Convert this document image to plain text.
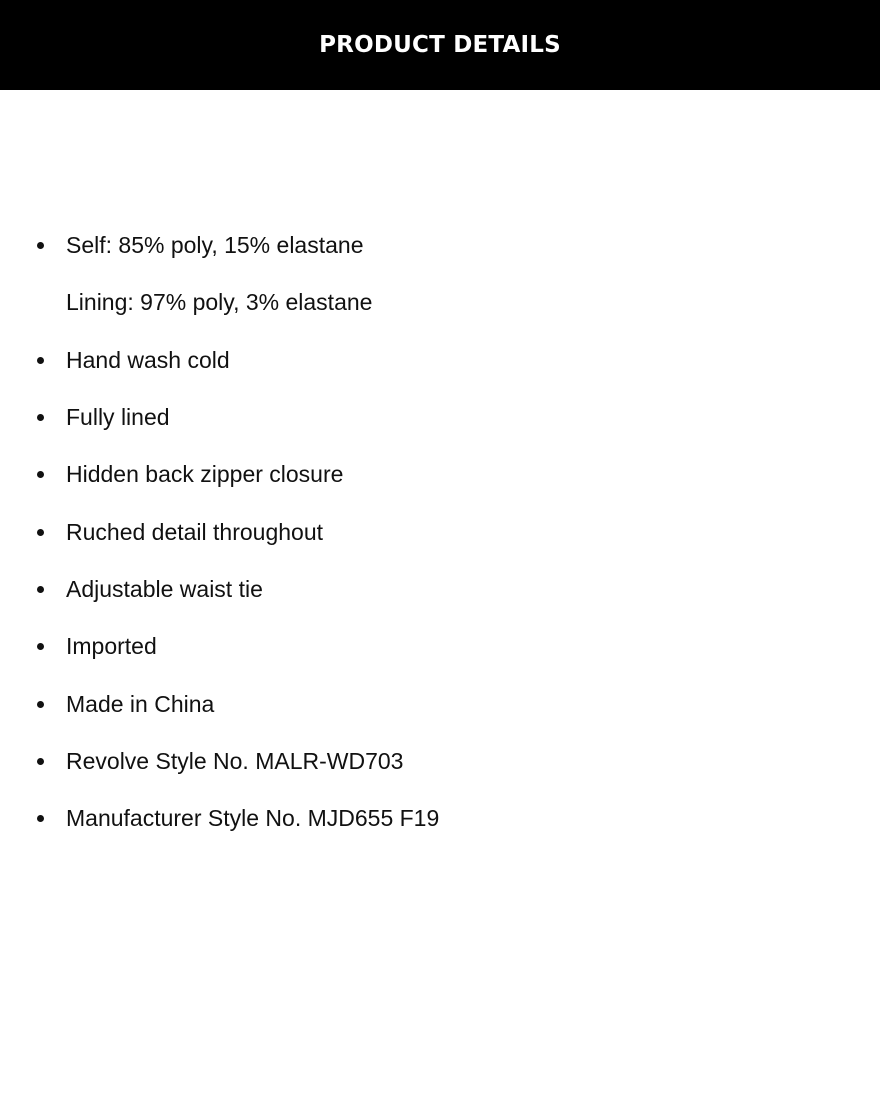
PRODUCT DETAILS
Self: 85% poly, 15% elastane
Lining: 97% poly, 3% elastane
Hand wash cold
Fully lined
Hidden back zipper closure
Ruched detail throughout
Adjustable waist tie
Imported
Made in China
Revolve Style No. MALR-WD703
Manufacturer Style No. MJD655 F19
